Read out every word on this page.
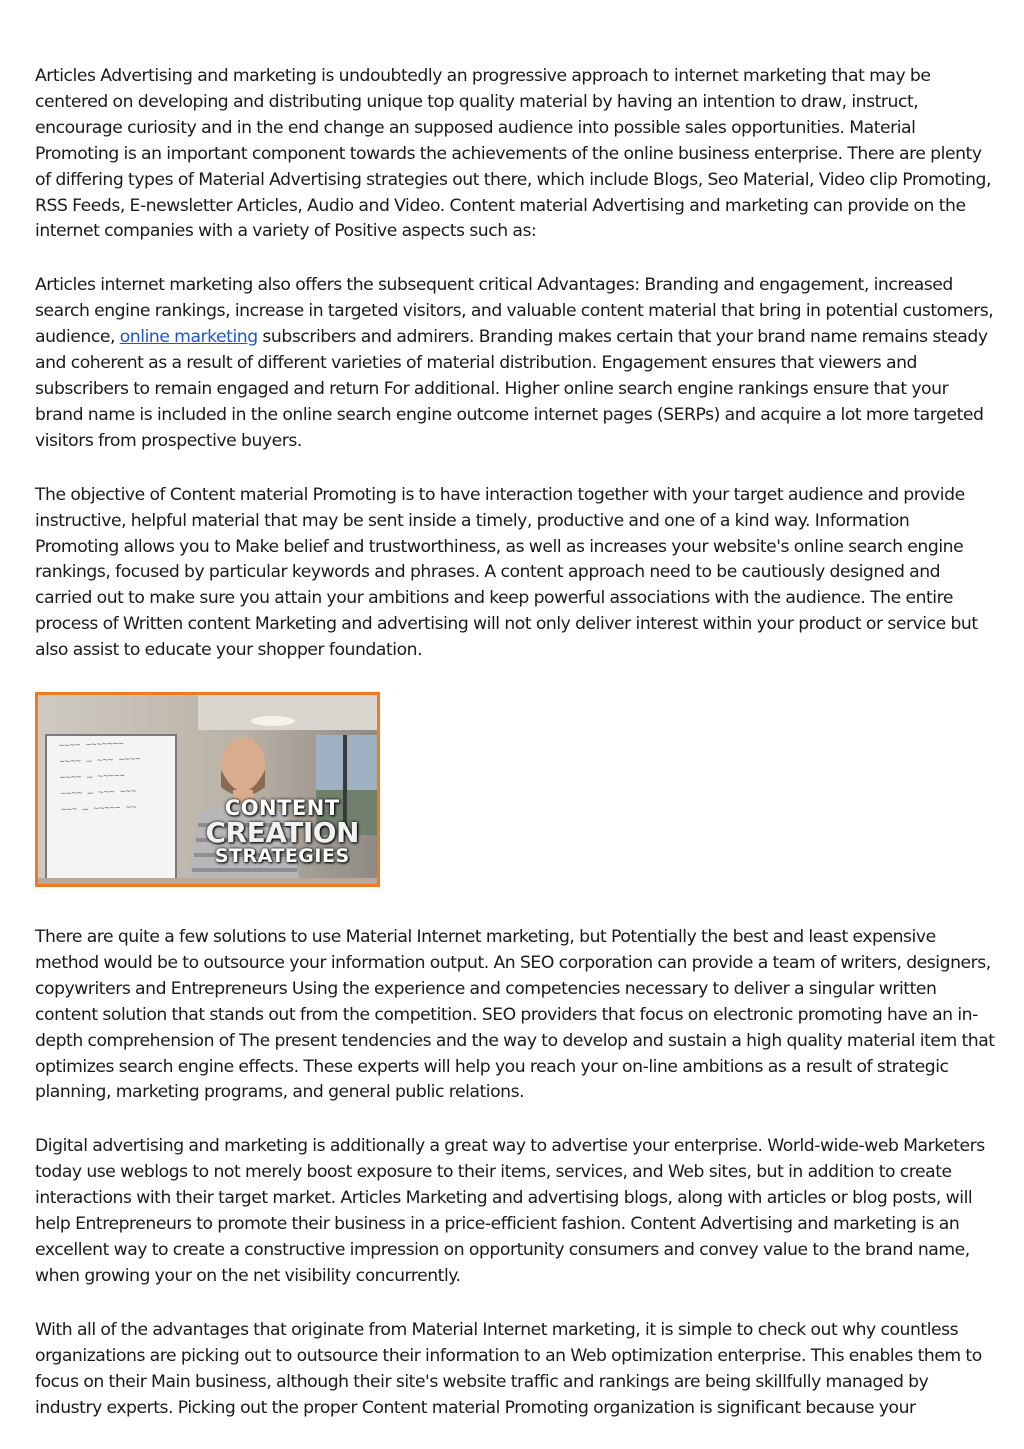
Articles Advertising and marketing is undoubtedly an progressive approach to internet marketing that may be centered on developing and distributing unique top quality material by having an intention to draw, instruct, encourage curiosity and in the end change an supposed audience into possible sales opportunities. Material Promoting is an important component towards the achievements of the online business enterprise. There are plenty of differing types of Material Advertising strategies out there, which include Blogs, Seo Material, Video clip Promoting, RSS Feeds, E-newsletter Articles, Audio and Video. Content material Advertising and marketing can provide on the internet companies with a variety of Positive aspects such as:

Articles internet marketing also offers the subsequent critical Advantages: Branding and engagement, increased search engine rankings, increase in targeted visitors, and valuable content material that bring in potential customers, audience, online marketing subscribers and admirers. Branding makes certain that your brand name remains steady and coherent as a result of different varieties of material distribution. Engagement ensures that viewers and subscribers to remain engaged and return For additional. Higher online search engine rankings ensure that your brand name is included in the online search engine outcome internet pages (SERPs) and acquire a lot more targeted visitors from prospective buyers.

The objective of Content material Promoting is to have interaction together with your target audience and provide instructive, helpful material that may be sent inside a timely, productive and one of a kind way. Information Promoting allows you to Make belief and trustworthiness, as well as increases your website's online search engine rankings, focused by particular keywords and phrases. A content approach need to be cautiously designed and carried out to make sure you attain your ambitions and keep powerful associations with the audience. The entire process of Written content Marketing and advertising will not only deliver interest within your product or service but also assist to educate your shopper foundation.

~~~~ ~~~~~~~
~~~~ — ~~~ ~~~~
~~~~ — ~~~~~
~~~~ — ~~~ ~~~
~~~ — ~~~~~ ~~	CONTENT
CREATION
STRATEGIES

There are quite a few solutions to use Material Internet marketing, but Potentially the best and least expensive method would be to outsource your information output. An SEO corporation can provide a team of writers, designers, copywriters and Entrepreneurs Using the experience and competencies necessary to deliver a singular written content solution that stands out from the competition. SEO providers that focus on electronic promoting have an in-depth comprehension of The present tendencies and the way to develop and sustain a high quality material item that optimizes search engine effects. These experts will help you reach your on-line ambitions as a result of strategic planning, marketing programs, and general public relations.

Digital advertising and marketing is additionally a great way to advertise your enterprise. World-wide-web Marketers today use weblogs to not merely boost exposure to their items, services, and Web sites, but in addition to create interactions with their target market. Articles Marketing and advertising blogs, along with articles or blog posts, will help Entrepreneurs to promote their business in a price-efficient fashion. Content Advertising and marketing is an excellent way to create a constructive impression on opportunity consumers and convey value to the brand name, when growing your on the net visibility concurrently.

With all of the advantages that originate from Material Internet marketing, it is simple to check out why countless organizations are picking out to outsource their information to an Web optimization enterprise. This enables them to focus on their Main business, although their site's website traffic and rankings are being skillfully managed by industry experts. Picking out the proper Content material Promoting organization is significant because your
